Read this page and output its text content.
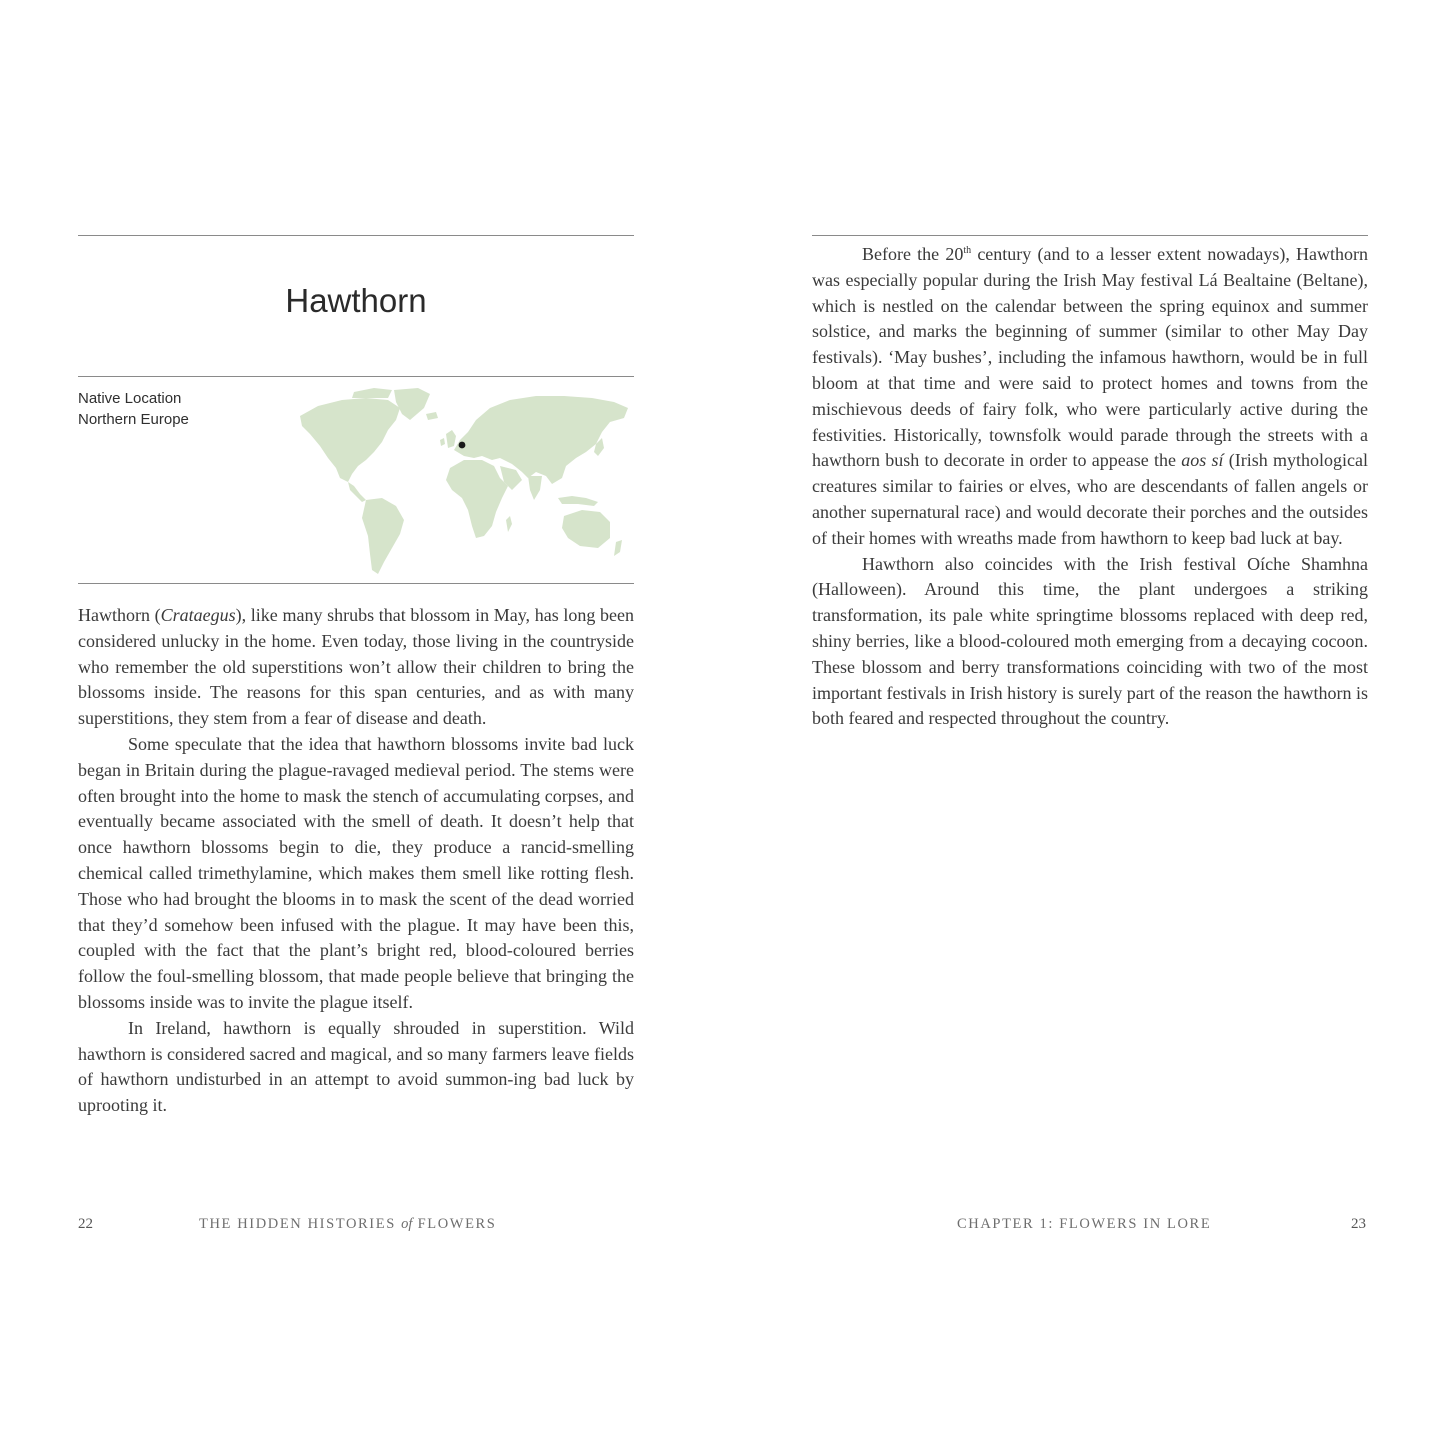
Hawthorn
Native Location
Northern Europe

Hawthorn (Crataegus), like many shrubs that blossom in May, has long been considered unlucky in the home. Even today, those living in the countryside who remember the old superstitions won’t allow their children to bring the blossoms inside. The reasons for this span centuries, and as with many superstitions, they stem from a fear of disease and death.

Some speculate that the idea that hawthorn blossoms invite bad luck began in Britain during the plague-ravaged medieval period. The stems were often brought into the home to mask the stench of accumulating corpses, and eventually became associated with the smell of death. It doesn’t help that once hawthorn blossoms begin to die, they produce a rancid-smelling chemical called trimethylamine, which makes them smell like rotting flesh. Those who had brought the blooms in to mask the scent of the dead worried that they’d somehow been infused with the plague. It may have been this, coupled with the fact that the plant’s bright red, blood-coloured berries follow the foul-smelling blossom, that made people believe that bringing the blossoms inside was to invite the plague itself.

In Ireland, hawthorn is equally shrouded in superstition. Wild hawthorn is considered sacred and magical, and so many farmers leave fields of hawthorn undisturbed in an attempt to avoid summon-ing bad luck by uprooting it.

22	THE HIDDEN HISTORIES of FLOWERS

Before the 20th century (and to a lesser extent nowadays), Hawthorn was especially popular during the Irish May festival Lá Bealtaine (Beltane), which is nestled on the calendar between the spring equinox and summer solstice, and marks the beginning of summer (similar to other May Day festivals). ‘May bushes’, including the infamous hawthorn, would be in full bloom at that time and were said to protect homes and towns from the mischievous deeds of fairy folk, who were particularly active during the festivities. Historically, townsfolk would parade through the streets with a hawthorn bush to decorate in order to appease the aos sí (Irish mythological creatures similar to fairies or elves, who are descendants of fallen angels or another supernatural race) and would decorate their porches and the outsides of their homes with wreaths made from hawthorn to keep bad luck at bay.

Hawthorn also coincides with the Irish festival Oíche Shamhna (Halloween). Around this time, the plant undergoes a striking transformation, its pale white springtime blossoms replaced with deep red, shiny berries, like a blood-coloured moth emerging from a decaying cocoon. These blossom and berry transformations coinciding with two of the most important festivals in Irish history is surely part of the reason the hawthorn is both feared and respected throughout the country.

CHAPTER 1: FLOWERS IN LORE	23
